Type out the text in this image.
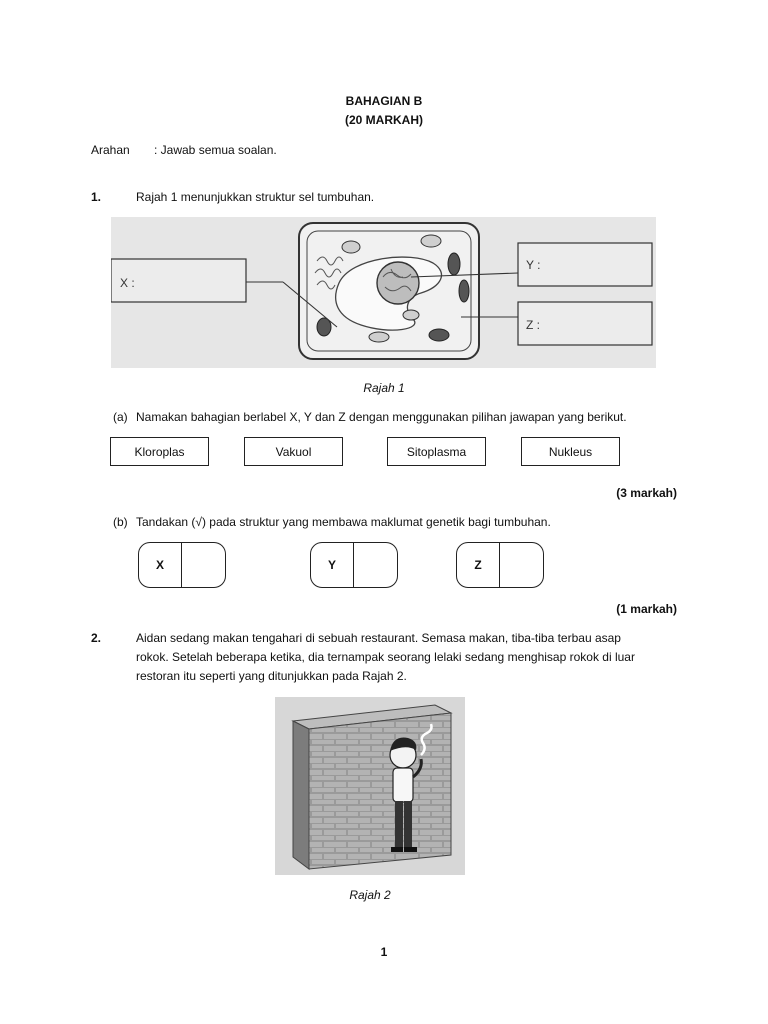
BAHAGIAN B
(20 MARKAH)
Arahan : Jawab semua soalan.
1.	Rajah 1 menunjukkan struktur sel tumbuhan.
X :
Y :
Z :
Rajah 1
(a) Namakan bahagian berlabel X, Y dan Z dengan menggunakan pilihan jawapan yang berikut.
Kloroplas	Vakuol	Sitoplasma	Nukleus
(3 markah)
(b) Tandakan (√) pada struktur yang membawa maklumat genetik bagi tumbuhan.
X	Y	Z
(1 markah)
2.	Aidan sedang makan tengahari di sebuah restaurant. Semasa makan, tiba-tiba terbau asap
rokok. Setelah beberapa ketika, dia ternampak seorang lelaki sedang menghisap rokok di luar
restoran itu seperti yang ditunjukkan pada Rajah 2.
Rajah 2
1
